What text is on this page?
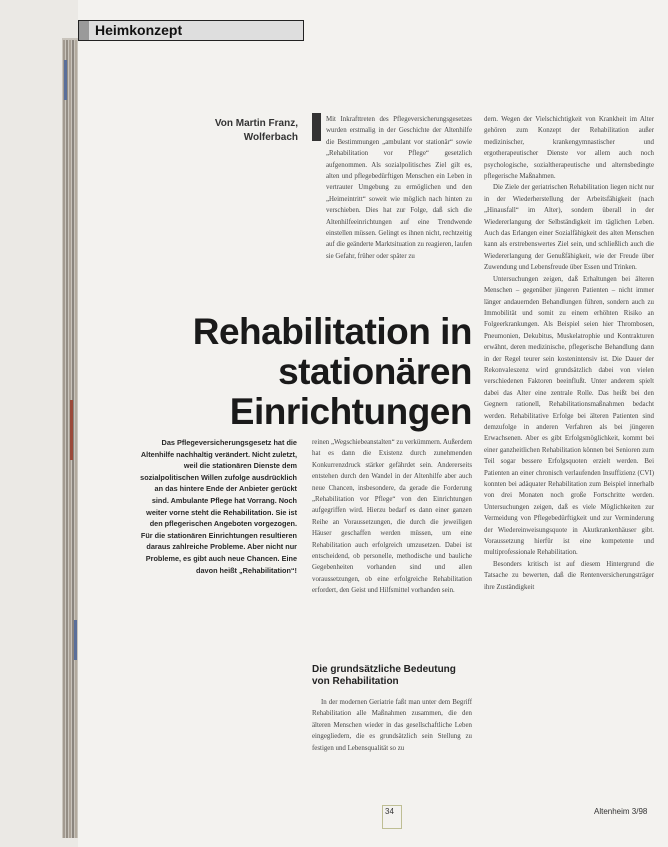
Heimkonzept
Von Martin Franz,
Wolferbach

Mit Inkrafttreten des Pflegeversicherungsgesetzes wurden erstmalig in der Geschichte der Altenhilfe die Bestimmungen „ambulant vor stationär“ sowie „Rehabilitation vor Pflege“ gesetzlich aufgenommen. Als sozialpolitisches Ziel gilt es, alten und pflegebedürftigen Menschen ein Leben in vertrauter Umgebung zu ermöglichen und den „Heimeintritt“ soweit wie möglich nach hinten zu verschieben. Dies hat zur Folge, daß sich die Altenhilfeeinrichtungen auf eine Trendwende einstellen müssen. Gelingt es ihnen nicht, rechtzeitig auf die geänderte Marktsituation zu reagieren, laufen sie Gefahr, früher oder später zu

Rehabilitation in
stationären
Einrichtungen
Das Pflegeversicherungsgesetz hat die Altenhilfe nachhaltig verändert. Nicht zuletzt, weil die stationären Dienste dem sozialpolitischen Willen zufolge ausdrücklich an das hintere Ende der Anbieter gerückt sind. Ambulante Pflege hat Vorrang. Noch weiter vorne steht die Rehabilitation. Sie ist den pflegerischen Angeboten vorgezogen. Für die stationären Einrichtungen resultieren daraus zahlreiche Probleme. Aber nicht nur Probleme, es gibt auch neue Chancen. Eine davon heißt „Rehabilitation“!

reinen „Wegschiebeanstalten“ zu verkümmern. Außerdem hat es dann die Existenz durch zunehmenden Konkurrenzdruck stärker gefährdet sein. Andererseits entstehen durch den Wandel in der Altenhilfe aber auch neue Chancen, insbesondere, da gerade die Forderung „Rehabilitation vor Pflege“ von den Einrichtungen aufgegriffen wird. Hierzu bedarf es dann einer ganzen Reihe an Voraussetzungen, die durch die jeweiligen Häuser geschaffen werden müssen, um eine Rehabilitation auch erfolgreich umzusetzen. Dabei ist entscheidend, ob personelle, methodische und bauliche Gegebenheiten vorhanden sind und allen voraussetzungen, ob eine erfolgreiche Rehabilitation erfordert, den Geist und Hilfsmittel vorhanden sein.

Die grundsätzliche Bedeutung von Rehabilitation

In der modernen Geriatrie faßt man unter dem Begriff Rehabilitation alle Maßnahmen zusammen, die den älteren Menschen wieder in das gesellschaftliche Leben eingegliedern, die es grundsätzlich sein Stellung zu festigen und Lebensqualität so zu

dern. Wegen der Vielschichtigkeit von Krankheit im Alter gehören zum Konzept der Rehabilitation außer medizinischer, krankengymnastischer und ergotherapeutischer Dienste vor allem auch noch psychologische, sozialtherapeutische und alternsbedingte pflegerische Maßnahmen.

Die Ziele der geriatrischen Rehabilitation liegen nicht nur in der Wiederherstellung der Arbeitsfähigkeit (nach „Hinausfall“ im Alter), sondern überall in der Wiedererlangung der Selbständigkeit im täglichen Leben. Auch das Erlangen einer Sozialfähigkeit des alten Menschen kann als erstrebenswertes Ziel sein, und schließlich auch die Wiedererlangung der Genußfähigkeit, wie der Freude über Zuwendung und Lebensfreude über Essen und Trinken.

Untersuchungen zeigen, daß Erhaltungen bei älteren Menschen – gegenüber jüngeren Patienten – nicht immer länger andauernden Behandlungen führen, sondern auch zu Immobilität und somit zu einem erhöhten Risiko an Folgeerkrankungen. Als Beispiel seien hier Thrombosen, Pneumonien, Dekubitus, Muskelatrophie und Kontrakturen erwähnt, deren medizinische, pflegerische Behandlung dann in der Regel teurer sein kostenintensiv ist. Die Dauer der Rekonvaleszenz wird grundsätzlich dabei von vielen verschiedenen Faktoren beeinflußt. Unter anderem spielt dabei das Alter eine zentrale Rolle. Das heißt bei den Gegnern rationell, Rehabilitationsmaßnahmen bedacht werden. Rehabilitative Erfolge bei älteren Patienten sind demzufolge in anderen Verfahren als bei jüngeren Erwachsenen. Aber es gibt Erfolgsmöglichkeit, kommt bei einer ganzheitlichen Rehabilitation können bei Senioren zum Teil sogar bessere Erfolgsquoten erzielt werden. Bei Patienten an einer chronisch verlaufenden Insuffizienz (CVI) konnten bei adäquater Rehabilitation zum Beispiel innerhalb von drei Monaten noch große Fortschritte werden. Untersuchungen zeigen, daß es viele Möglichkeiten zur Vermeidung von Pflegebedürftigkeit und zur Verminderung der Wiedereinweisungsquote in Akutkrankenhäuser gibt. Voraussetzung hierfür ist eine kompetente und multiprofessionale Rehabilitation.

Besonders kritisch ist auf diesem Hintergrund die Tatsache zu bewerten, daß die Rentenversicherungsträger ihre Zuständigkeit

34	Altenheim 3/98
